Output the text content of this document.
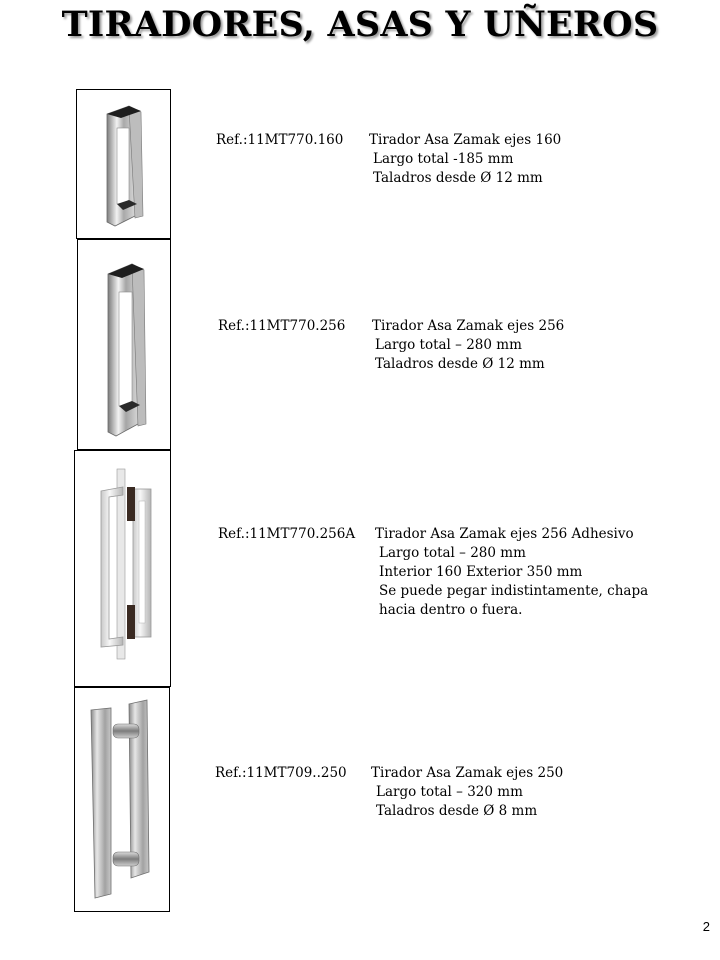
TIRADORES, ASAS Y UÑEROS
Ref.:11MT770.160	Tirador Asa Zamak ejes 160
Largo total -185 mm
Taladros desde Ø 12 mm
Ref.:11MT770.256	Tirador Asa Zamak ejes 256
Largo total – 280 mm
Taladros desde Ø 12 mm
Ref.:11MT770.256A	Tirador Asa Zamak ejes 256 Adhesivo
Largo total – 280 mm
Interior 160 Exterior 350 mm
Se puede pegar indistintamente, chapa
hacia dentro o fuera.
Ref.:11MT709..250	Tirador Asa Zamak ejes 250
Largo total – 320 mm
Taladros desde Ø 8 mm
2
